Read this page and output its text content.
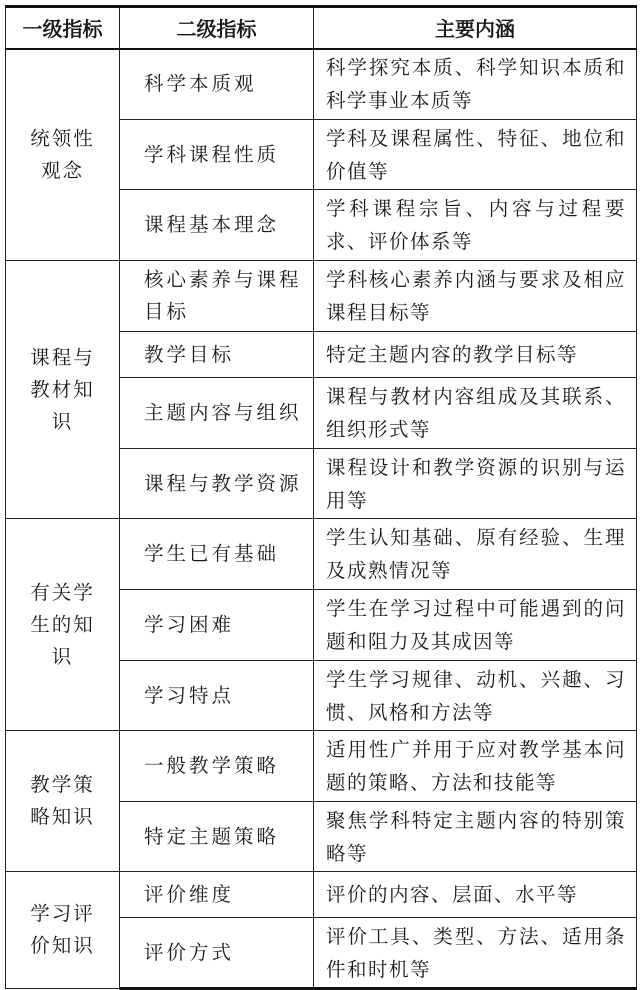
一级指标	二级指标	主要内涵

统领性观念	科学本质观	科学探究本质、科学知识本质和科学事业本质等
	学科课程性质	学科及课程属性、特征、地位和价值等
	课程基本理念	学科课程宗旨、内容与过程要求、评价体系等

课程与教材知识	核心素养与课程目标	学科核心素养内涵与要求及相应课程目标等
	教学目标	特定主题内容的教学目标等
	主题内容与组织	课程与教材内容组成及其联系、组织形式等
	课程与教学资源	课程设计和教学资源的识别与运用等

有关学生的知识	学生已有基础	学生认知基础、原有经验、生理及成熟情况等
	学习困难	学生在学习过程中可能遇到的问题和阻力及其成因等
	学习特点	学生学习规律、动机、兴趣、习惯、风格和方法等

教学策略知识	一般教学策略	适用性广并用于应对教学基本问题的策略、方法和技能等
	特定主题策略	聚焦学科特定主题内容的特别策略等

学习评价知识	评价维度	评价的内容、层面、水平等
	评价方式	评价工具、类型、方法、适用条件和时机等
